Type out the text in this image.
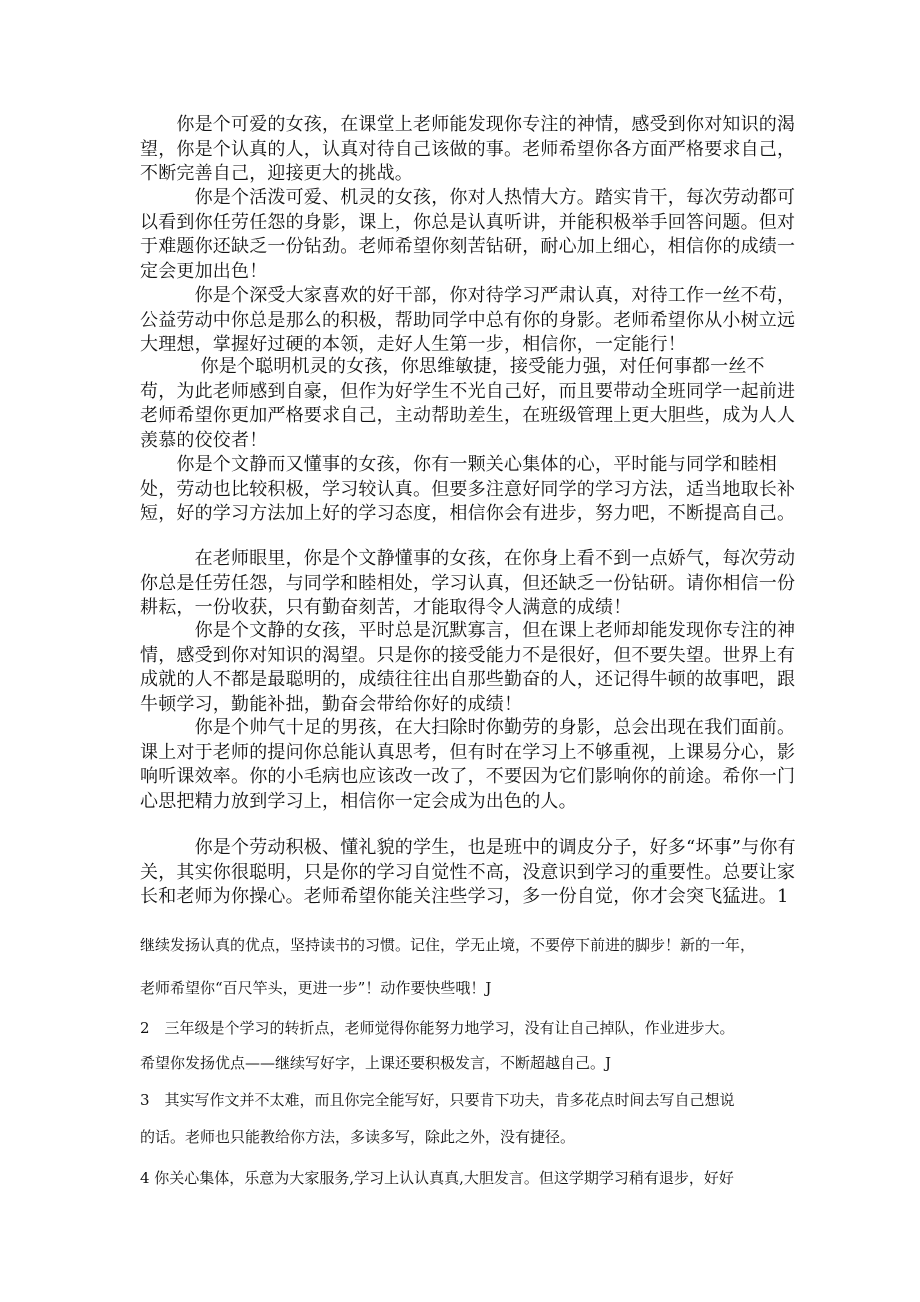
　　你是个可爱的女孩，在课堂上老师能发现你专注的神情，感受到你对知识的渴望，你是个认真的人，认真对待自己该做的事。老师希望你各方面严格要求自己，不断完善自己，迎接更大的挑战。

　　　你是个活泼可爱、机灵的女孩，你对人热情大方。踏实肯干，每次劳动都可以看到你任劳任怨的身影，课上，你总是认真听讲，并能积极举手回答问题。但对于难题你还缺乏一份钻劲。老师希望你刻苦钻研，耐心加上细心，相信你的成绩一定会更加出色！

　　　你是个深受大家喜欢的好干部，你对待学习严肃认真，对待工作一丝不苟，公益劳动中你总是那么的积极，帮助同学中总有你的身影。老师希望你从小树立远大理想，掌握好过硬的本领，走好人生第一步，相信你，一定能行！

　　　 你是个聪明机灵的女孩，你思维敏捷，接受能力强，对任何事都一丝不苟，为此老师感到自豪，但作为好学生不光自己好，而且要带动全班同学一起前进老师希望你更加严格要求自己，主动帮助差生，在班级管理上更大胆些，成为人人羡慕的佼佼者！

　　你是个文静而又懂事的女孩，你有一颗关心集体的心，平时能与同学和睦相处，劳动也比较积极，学习较认真。但要多注意好同学的学习方法，适当地取长补短，好的学习方法加上好的学习态度，相信你会有进步，努力吧，不断提高自己。

　　　在老师眼里，你是个文静懂事的女孩，在你身上看不到一点娇气，每次劳动你总是任劳任怨，与同学和睦相处，学习认真，但还缺乏一份钻研。请你相信一份耕耘，一份收获，只有勤奋刻苦，才能取得令人满意的成绩！

　　　你是个文静的女孩，平时总是沉默寡言，但在课上老师却能发现你专注的神情，感受到你对知识的渴望。只是你的接受能力不是很好，但不要失望。世界上有成就的人不都是最聪明的，成绩往往出自那些勤奋的人，还记得牛顿的故事吧，跟牛顿学习，勤能补拙，勤奋会带给你好的成绩！

　　　你是个帅气十足的男孩，在大扫除时你勤劳的身影，总会出现在我们面前。课上对于老师的提问你总能认真思考，但有时在学习上不够重视，上课易分心，影响听课效率。你的小毛病也应该改一改了，不要因为它们影响你的前途。希你一门心思把精力放到学习上，相信你一定会成为出色的人。

　　　你是个劳动积极、懂礼貌的学生，也是班中的调皮分子，好多“坏事”与你有关，其实你很聪明，只是你的学习自觉性不高，没意识到学习的重要性。总要让家长和老师为你操心。老师希望你能关注些学习，多一份自觉，你才会突飞猛进。1

继续发扬认真的优点，坚持读书的习惯。记住，学无止境，不要停下前进的脚步！新的一年，

老师希望你“百尺竿头，更进一步”！动作要快些哦！J

2　三年级是个学习的转折点，老师觉得你能努力地学习，没有让自己掉队，作业进步大。

希望你发扬优点——继续写好字，上课还要积极发言，不断超越自己。J

3　其实写作文并不太难，而且你完全能写好，只要肯下功夫，肯多花点时间去写自己想说

的话。老师也只能教给你方法，多读多写，除此之外，没有捷径。

4 你关心集体，乐意为大家服务,学习上认认真真,大胆发言。但这学期学习稍有退步，好好
